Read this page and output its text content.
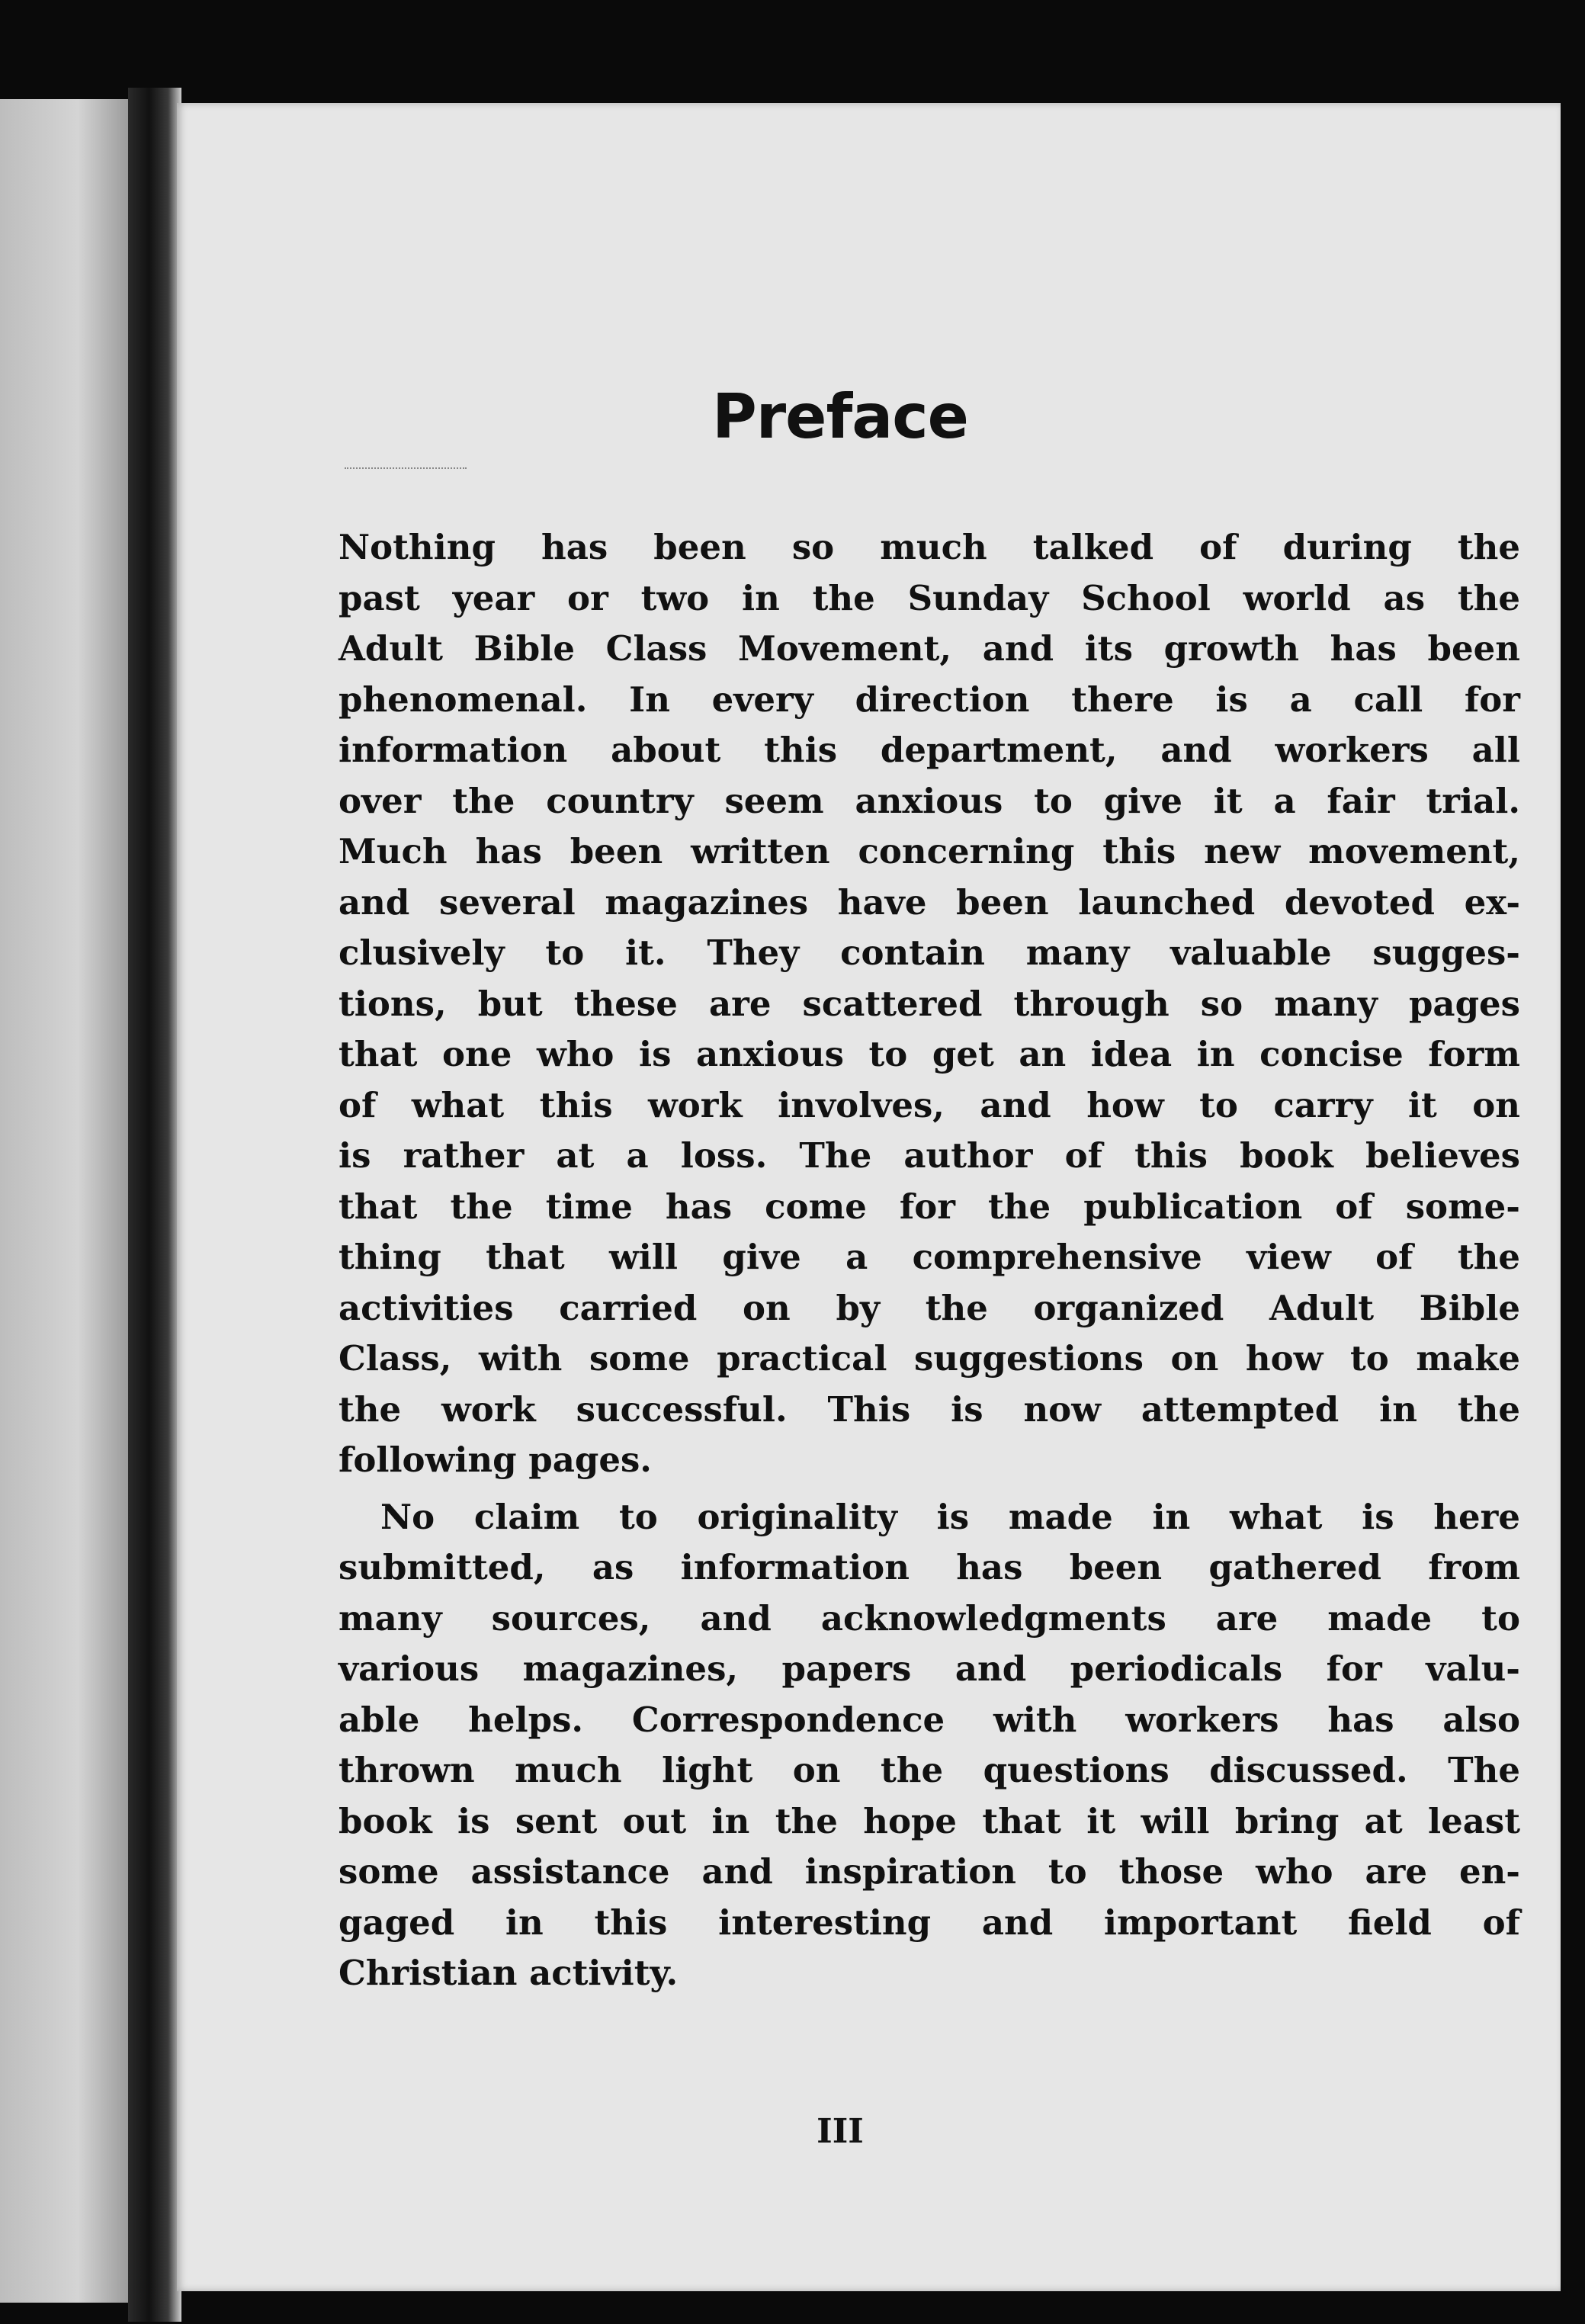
Preface
Nothing has been so much talked of during the
past year or two in the Sunday School world as the
Adult Bible Class Movement, and its growth has been
phenomenal. In every direction there is a call for
information about this department, and workers all
over the country seem anxious to give it a fair trial.
Much has been written concerning this new movement,
and several magazines have been launched devoted ex-
clusively to it. They contain many valuable sugges-
tions, but these are scattered through so many pages
that one who is anxious to get an idea in concise form
of what this work involves, and how to carry it on
is rather at a loss. The author of this book believes
that the time has come for the publication of some-
thing that will give a comprehensive view of the
activities carried on by the organized Adult Bible
Class, with some practical suggestions on how to make
the work successful. This is now attempted in the
following pages.
No claim to originality is made in what is here
submitted, as information has been gathered from
many sources, and acknowledgments are made to
various magazines, papers and periodicals for valu-
able helps. Correspondence with workers has also
thrown much light on the questions discussed. The
book is sent out in the hope that it will bring at least
some assistance and inspiration to those who are en-
gaged in this interesting and important field of
Christian activity.
III
